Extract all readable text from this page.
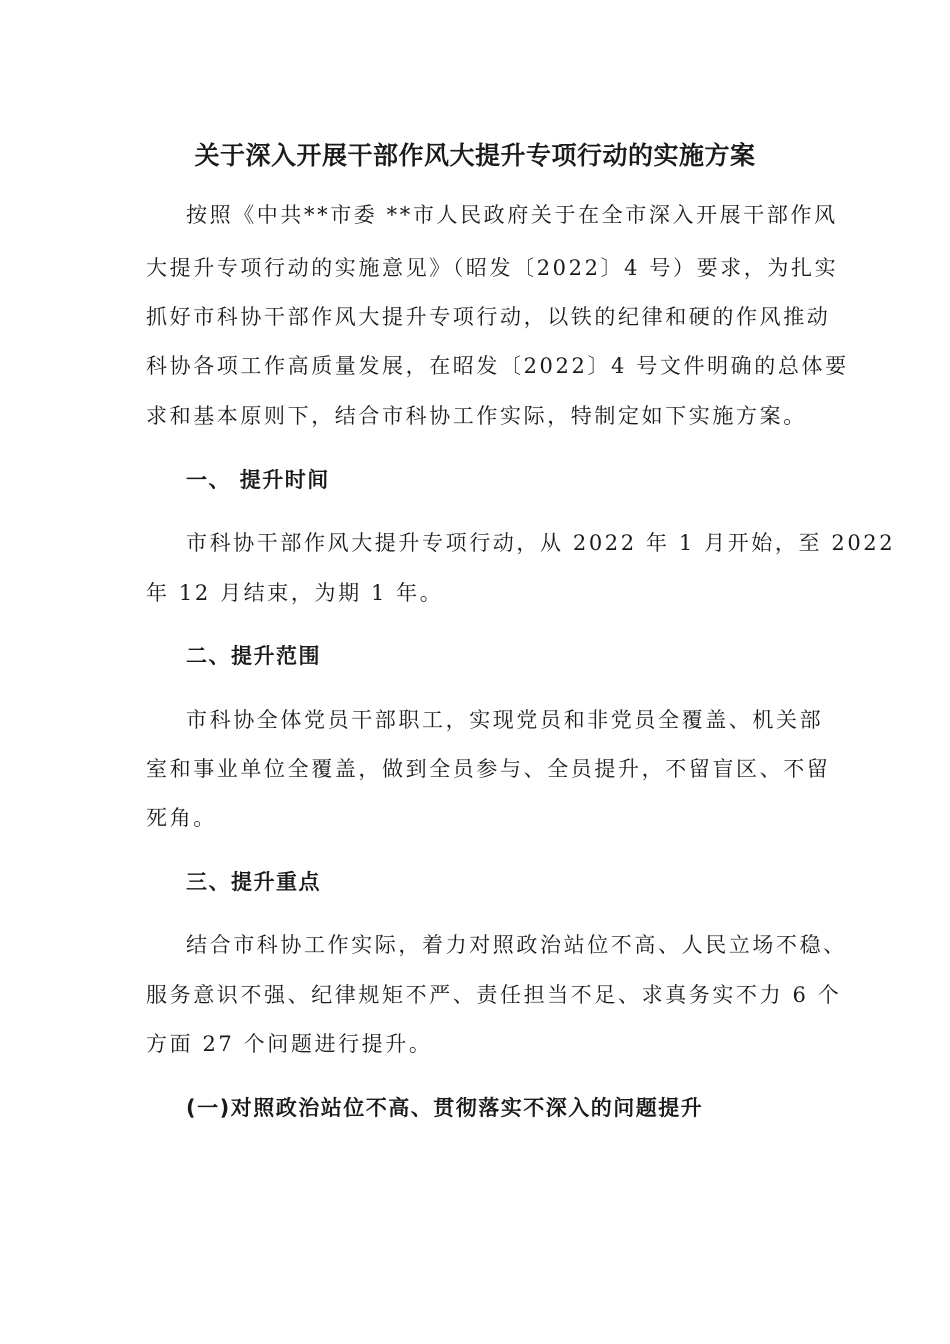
关于深入开展干部作风大提升专项行动的实施方案
按照《中共**市委 **市人民政府关于在全市深入开展干部作风
大提升专项行动的实施意见》（昭发〔2022〕4 号）要求，为扎实
抓好市科协干部作风大提升专项行动，以铁的纪律和硬的作风推动
科协各项工作高质量发展，在昭发〔2022〕4 号文件明确的总体要
求和基本原则下，结合市科协工作实际，特制定如下实施方案。
一、 提升时间
市科协干部作风大提升专项行动，从 2022 年 1 月开始，至 2022
年 12 月结束，为期 1 年。
二、提升范围
市科协全体党员干部职工，实现党员和非党员全覆盖、机关部
室和事业单位全覆盖，做到全员参与、全员提升，不留盲区、不留
死角。
三、提升重点
结合市科协工作实际，着力对照政治站位不高、人民立场不稳、
服务意识不强、纪律规矩不严、责任担当不足、求真务实不力 6 个
方面 27 个问题进行提升。
(一)对照政治站位不高、贯彻落实不深入的问题提升
